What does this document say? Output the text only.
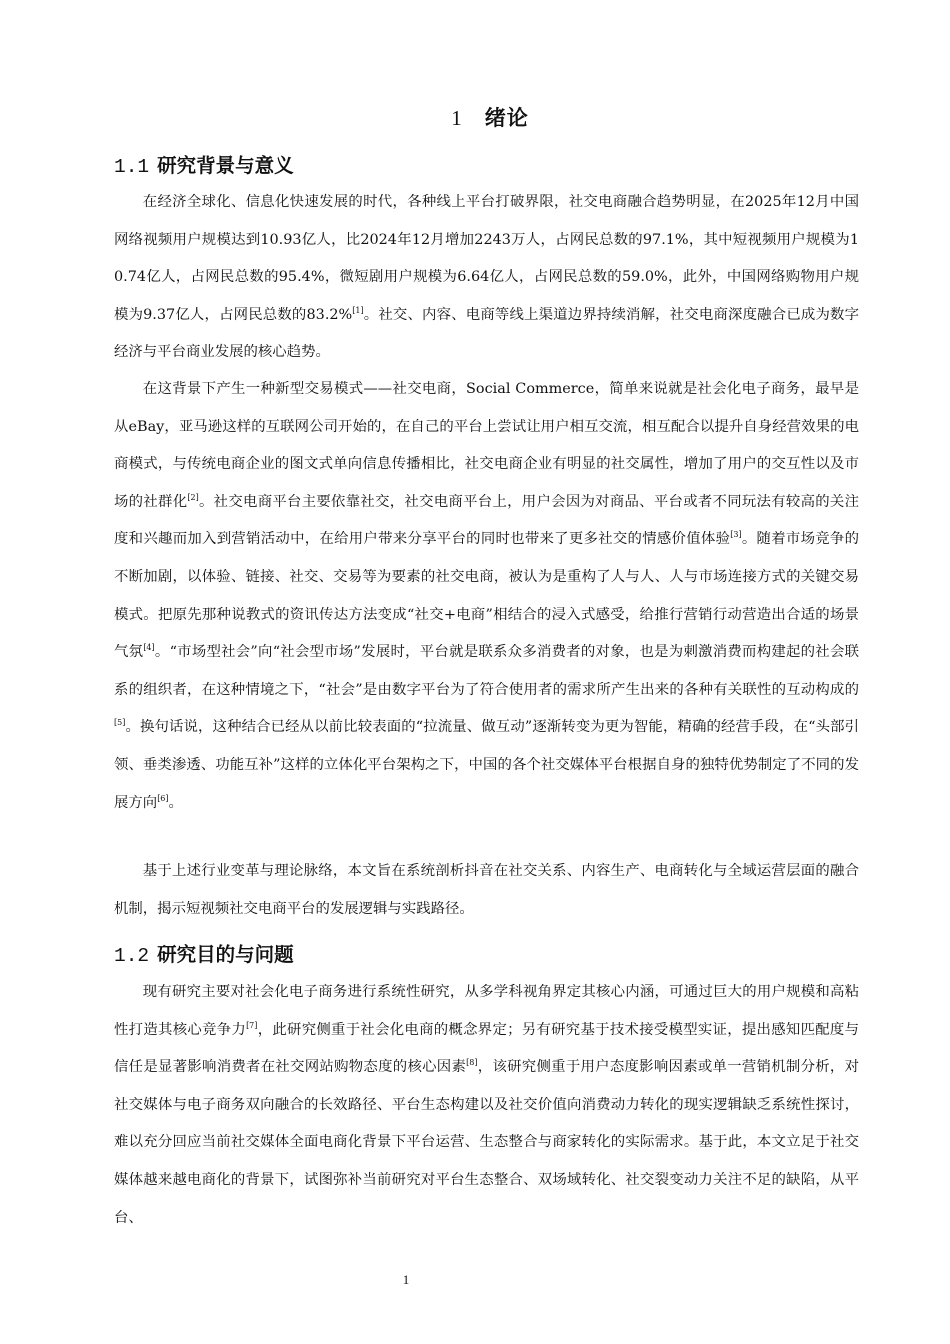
1 绪论
1.1 研究背景与意义

在经济全球化、信息化快速发展的时代，各种线上平台打破界限，社交电商融合趋势明显，在2025年12月中国网络视频用户规模达到10.93亿人，比2024年12月增加2243万人，占网民总数的97.1%，其中短视频用户规模为10.74亿人，占网民总数的95.4%，微短剧用户规模为6.64亿人，占网民总数的59.0%，此外，中国网络购物用户规模为9.37亿人，占网民总数的83.2%[1]。社交、内容、电商等线上渠道边界持续消解，社交电商深度融合已成为数字经济与平台商业发展的核心趋势。

在这背景下产生一种新型交易模式——社交电商，Social Commerce，简单来说就是社会化电子商务，最早是从eBay，亚马逊这样的互联网公司开始的，在自己的平台上尝试让用户相互交流，相互配合以提升自身经营效果的电商模式，与传统电商企业的图文式单向信息传播相比，社交电商企业有明显的社交属性，增加了用户的交互性以及市场的社群化[2]。社交电商平台主要依靠社交，社交电商平台上，用户会因为对商品、平台或者不同玩法有较高的关注度和兴趣而加入到营销活动中，在给用户带来分享平台的同时也带来了更多社交的情感价值体验[3]。随着市场竞争的不断加剧，以体验、链接、社交、交易等为要素的社交电商，被认为是重构了人与人、人与市场连接方式的关键交易模式。把原先那种说教式的资讯传达方法变成“社交+电商”相结合的浸入式感受，给推行营销行动营造出合适的场景气氛[4]。“市场型社会”向“社会型市场”发展时，平台就是联系众多消费者的对象，也是为刺激消费而构建起的社会联系的组织者，在这种情境之下，“社会”是由数字平台为了符合使用者的需求所产生出来的各种有关联性的互动构成的[5]。换句话说，这种结合已经从以前比较表面的“拉流量、做互动”逐渐转变为更为智能，精确的经营手段，在“头部引领、垂类渗透、功能互补”这样的立体化平台架构之下，中国的各个社交媒体平台根据自身的独特优势制定了不同的发展方向[6]。

基于上述行业变革与理论脉络，本文旨在系统剖析抖音在社交关系、内容生产、电商转化与全域运营层面的融合机制，揭示短视频社交电商平台的发展逻辑与实践路径。

1.2 研究目的与问题

现有研究主要对社会化电子商务进行系统性研究，从多学科视角界定其核心内涵，可通过巨大的用户规模和高粘性打造其核心竞争力[7]，此研究侧重于社会化电商的概念界定；另有研究基于技术接受模型实证，提出感知匹配度与信任是显著影响消费者在社交网站购物态度的核心因素[8]，该研究侧重于用户态度影响因素或单一营销机制分析，对社交媒体与电子商务双向融合的长效路径、平台生态构建以及社交价值向消费动力转化的现实逻辑缺乏系统性探讨，难以充分回应当前社交媒体全面电商化背景下平台运营、生态整合与商家转化的实际需求。基于此，本文立足于社交媒体越来越电商化的背景下，试图弥补当前研究对平台生态整合、双场域转化、社交裂变动力关注不足的缺陷，从平台、

1
